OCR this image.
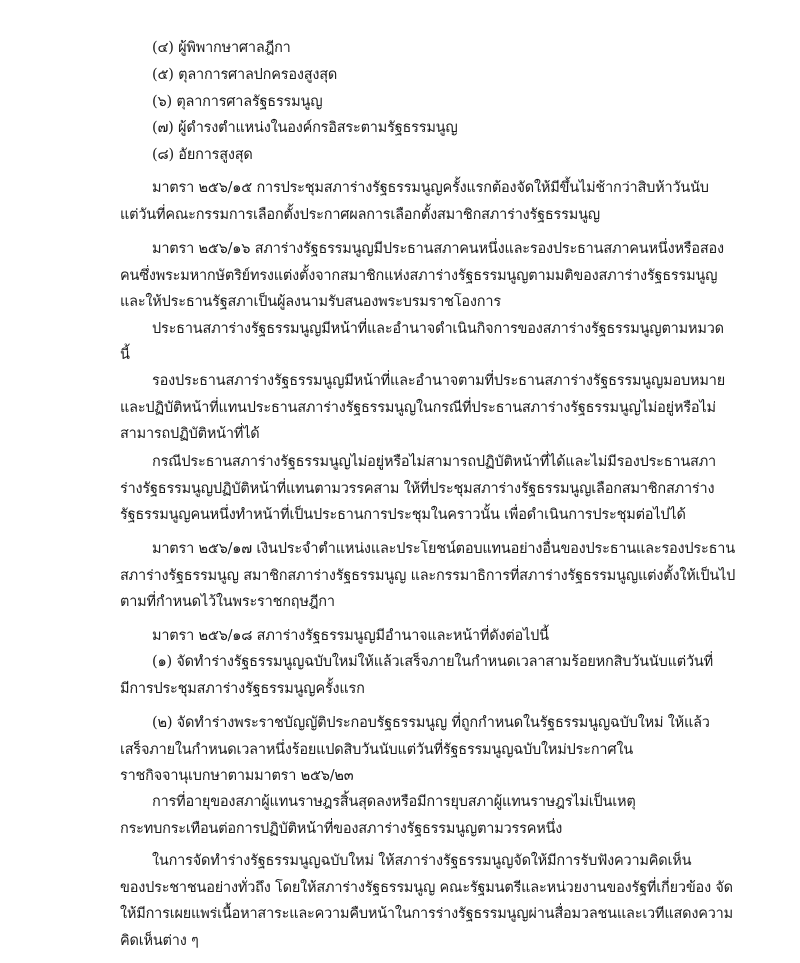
(๔) ผู้พิพากษาศาลฎีกา
(๕) ตุลาการศาลปกครองสูงสุด
(๖) ตุลาการศาลรัฐธรรมนูญ
(๗) ผู้ดำรงตำแหน่งในองค์กรอิสระตามรัฐธรรมนูญ
(๘) อัยการสูงสุด
มาตรา ๒๕๖/๑๕ การประชุมสภาร่างรัฐธรรมนูญครั้งแรกต้องจัดให้มีขึ้นไม่ช้ากว่าสิบห้าวันนับ
แต่วันที่คณะกรรมการเลือกตั้งประกาศผลการเลือกตั้งสมาชิกสภาร่างรัฐธรรมนูญ
มาตรา ๒๕๖/๑๖ สภาร่างรัฐธรรมนูญมีประธานสภาคนหนึ่งและรองประธานสภาคนหนึ่งหรือสอง
คนซึ่งพระมหากษัตริย์ทรงแต่งตั้งจากสมาชิกแห่งสภาร่างรัฐธรรมนูญตามมติของสภาร่างรัฐธรรมนูญ
และให้ประธานรัฐสภาเป็นผู้ลงนามรับสนองพระบรมราชโองการ
ประธานสภาร่างรัฐธรรมนูญมีหน้าที่และอำนาจดำเนินกิจการของสภาร่างรัฐธรรมนูญตามหมวด
นี้
รองประธานสภาร่างรัฐธรรมนูญมีหน้าที่และอำนาจตามที่ประธานสภาร่างรัฐธรรมนูญมอบหมาย
และปฏิบัติหน้าที่แทนประธานสภาร่างรัฐธรรมนูญในกรณีที่ประธานสภาร่างรัฐธรรมนูญไม่อยู่หรือไม่
สามารถปฏิบัติหน้าที่ได้
กรณีประธานสภาร่างรัฐธรรมนูญไม่อยู่หรือไม่สามารถปฏิบัติหน้าที่ได้และไม่มีรองประธานสภา
ร่างรัฐธรรมนูญปฏิบัติหน้าที่แทนตามวรรคสาม ให้ที่ประชุมสภาร่างรัฐธรรมนูญเลือกสมาชิกสภาร่าง
รัฐธรรมนูญคนหนึ่งทำหน้าที่เป็นประธานการประชุมในคราวนั้น เพื่อดำเนินการประชุมต่อไปได้
มาตรา ๒๕๖/๑๗ เงินประจำตำแหน่งและประโยชน์ตอบแทนอย่างอื่นของประธานและรองประธาน
สภาร่างรัฐธรรมนูญ สมาชิกสภาร่างรัฐธรรมนูญ และกรรมาธิการที่สภาร่างรัฐธรรมนูญแต่งตั้งให้เป็นไป
ตามที่กำหนดไว้ในพระราชกฤษฎีกา
มาตรา ๒๕๖/๑๘ สภาร่างรัฐธรรมนูญมีอำนาจและหน้าที่ดังต่อไปนี้
(๑) จัดทำร่างรัฐธรรมนูญฉบับใหม่ให้แล้วเสร็จภายในกำหนดเวลาสามร้อยหกสิบวันนับแต่วันที่
มีการประชุมสภาร่างรัฐธรรมนูญครั้งแรก
(๒) จัดทำร่างพระราชบัญญัติประกอบรัฐธรรมนูญ ที่ถูกกำหนดในรัฐธรรมนูญฉบับใหม่ ให้แล้ว
เสร็จภายในกำหนดเวลาหนึ่งร้อยแปดสิบวันนับแต่วันที่รัฐธรรมนูญฉบับใหม่ประกาศใน
ราชกิจจานุเบกษาตามมาตรา ๒๕๖/๒๓
การที่อายุของสภาผู้แทนราษฎรสิ้นสุดลงหรือมีการยุบสภาผู้แทนราษฎรไม่เป็นเหตุ
กระทบกระเทือนต่อการปฏิบัติหน้าที่ของสภาร่างรัฐธรรมนูญตามวรรคหนึ่ง
ในการจัดทำร่างรัฐธรรมนูญฉบับใหม่ ให้สภาร่างรัฐธรรมนูญจัดให้มีการรับฟังความคิดเห็น
ของประชาชนอย่างทั่วถึง โดยให้สภาร่างรัฐธรรมนูญ คณะรัฐมนตรีและหน่วยงานของรัฐที่เกี่ยวข้อง จัด
ให้มีการเผยแพร่เนื้อหาสาระและความคืบหน้าในการร่างรัฐธรรมนูญผ่านสื่อมวลชนและเวทีแสดงความ
คิดเห็นต่าง ๆ
